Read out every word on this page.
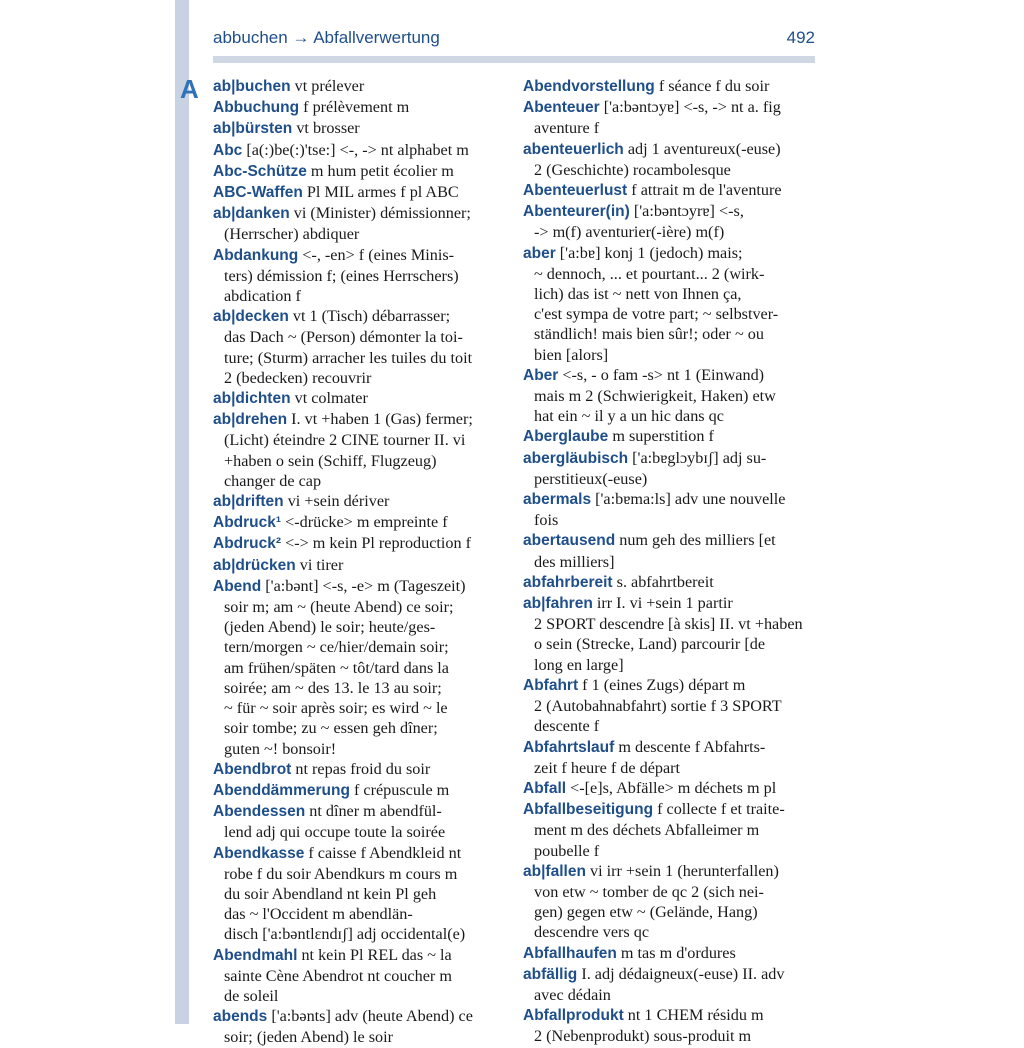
A
abbuchen → Abfallverwertung	492
ab|buchen vt prélever
Abbuchung f prélèvement m
ab|bürsten vt brosser
Abc [a(:)be(:)'tse:] <-, -> nt alphabet m
Abc-Schütze m hum petit écolier m
ABC-Waffen Pl MIL armes f pl ABC
ab|danken vi (Minister) démissionner;
(Herrscher) abdiquer
Abdankung <-, -en> f (eines Minis-
ters) démission f; (eines Herrschers)
abdication f
ab|decken vt 1 (Tisch) débarrasser;
das Dach ~ (Person) démonter la toi-
ture; (Sturm) arracher les tuiles du toit
2 (bedecken) recouvrir
ab|dichten vt colmater
ab|drehen I. vt +haben 1 (Gas) fermer;
(Licht) éteindre 2 CINE tourner II. vi
+haben o sein (Schiff, Flugzeug)
changer de cap
ab|driften vi +sein dériver
Abdruck¹ <-drücke> m empreinte f
Abdruck² <-> m kein Pl reproduction f
ab|drücken vi tirer
Abend ['a:bənt] <-s, -e> m (Tageszeit)
soir m; am ~ (heute Abend) ce soir;
(jeden Abend) le soir; heute/ges-
tern/morgen ~ ce/hier/demain soir;
am frühen/späten ~ tôt/tard dans la
soirée; am ~ des 13. le 13 au soir;
~ für ~ soir après soir; es wird ~ le
soir tombe; zu ~ essen geh dîner;
guten ~! bonsoir!
Abendbrot nt repas froid du soir
Abenddämmerung f crépuscule m
Abendessen nt dîner m abendfül-
lend adj qui occupe toute la soirée
Abendkasse f caisse f Abendkleid nt
robe f du soir Abendkurs m cours m
du soir Abendland nt kein Pl geh
das ~ l'Occident m abendlän-
disch ['a:bəntlɛndɪʃ] adj occidental(e)
Abendmahl nt kein Pl REL das ~ la
sainte Cène Abendrot nt coucher m
de soleil
abends ['a:bənts] adv (heute Abend) ce
soir; (jeden Abend) le soir
Abendvorstellung f séance f du soir
Abenteuer ['a:bəntɔyɐ] <-s, -> nt a. fig
aventure f
abenteuerlich adj 1 aventureux(-euse)
2 (Geschichte) rocambolesque
Abenteuerlust f attrait m de l'aventure
Abenteurer(in) ['a:bəntɔyrɐ] <-s,
-> m(f) aventurier(-ière) m(f)
aber ['a:bɐ] konj 1 (jedoch) mais;
~ dennoch, ... et pourtant... 2 (wirk-
lich) das ist ~ nett von Ihnen ça,
c'est sympa de votre part; ~ selbstver-
ständlich! mais bien sûr!; oder ~ ou
bien [alors]
Aber <-s, - o fam -s> nt 1 (Einwand)
mais m 2 (Schwierigkeit, Haken) etw
hat ein ~ il y a un hic dans qc
Aberglaube m superstition f
abergläubisch ['a:bɐglɔybɪʃ] adj su-
perstitieux(-euse)
abermals ['a:bɐma:ls] adv une nouvelle
fois
abertausend num geh des milliers [et
des milliers]
abfahrbereit s. abfahrtbereit
ab|fahren irr I. vi +sein 1 partir
2 SPORT descendre [à skis] II. vt +haben
o sein (Strecke, Land) parcourir [de
long en large]
Abfahrt f 1 (eines Zugs) départ m
2 (Autobahnabfahrt) sortie f 3 SPORT
descente f
Abfahrtslauf m descente f Abfahrts-
zeit f heure f de départ
Abfall <-[e]s, Abfälle> m déchets m pl
Abfallbeseitigung f collecte f et traite-
ment m des déchets Abfalleimer m
poubelle f
ab|fallen vi irr +sein 1 (herunterfallen)
von etw ~ tomber de qc 2 (sich nei-
gen) gegen etw ~ (Gelände, Hang)
descendre vers qc
Abfallhaufen m tas m d'ordures
abfällig I. adj dédaigneux(-euse) II. adv
avec dédain
Abfallprodukt nt 1 CHEM résidu m
2 (Nebenprodukt) sous-produit m
